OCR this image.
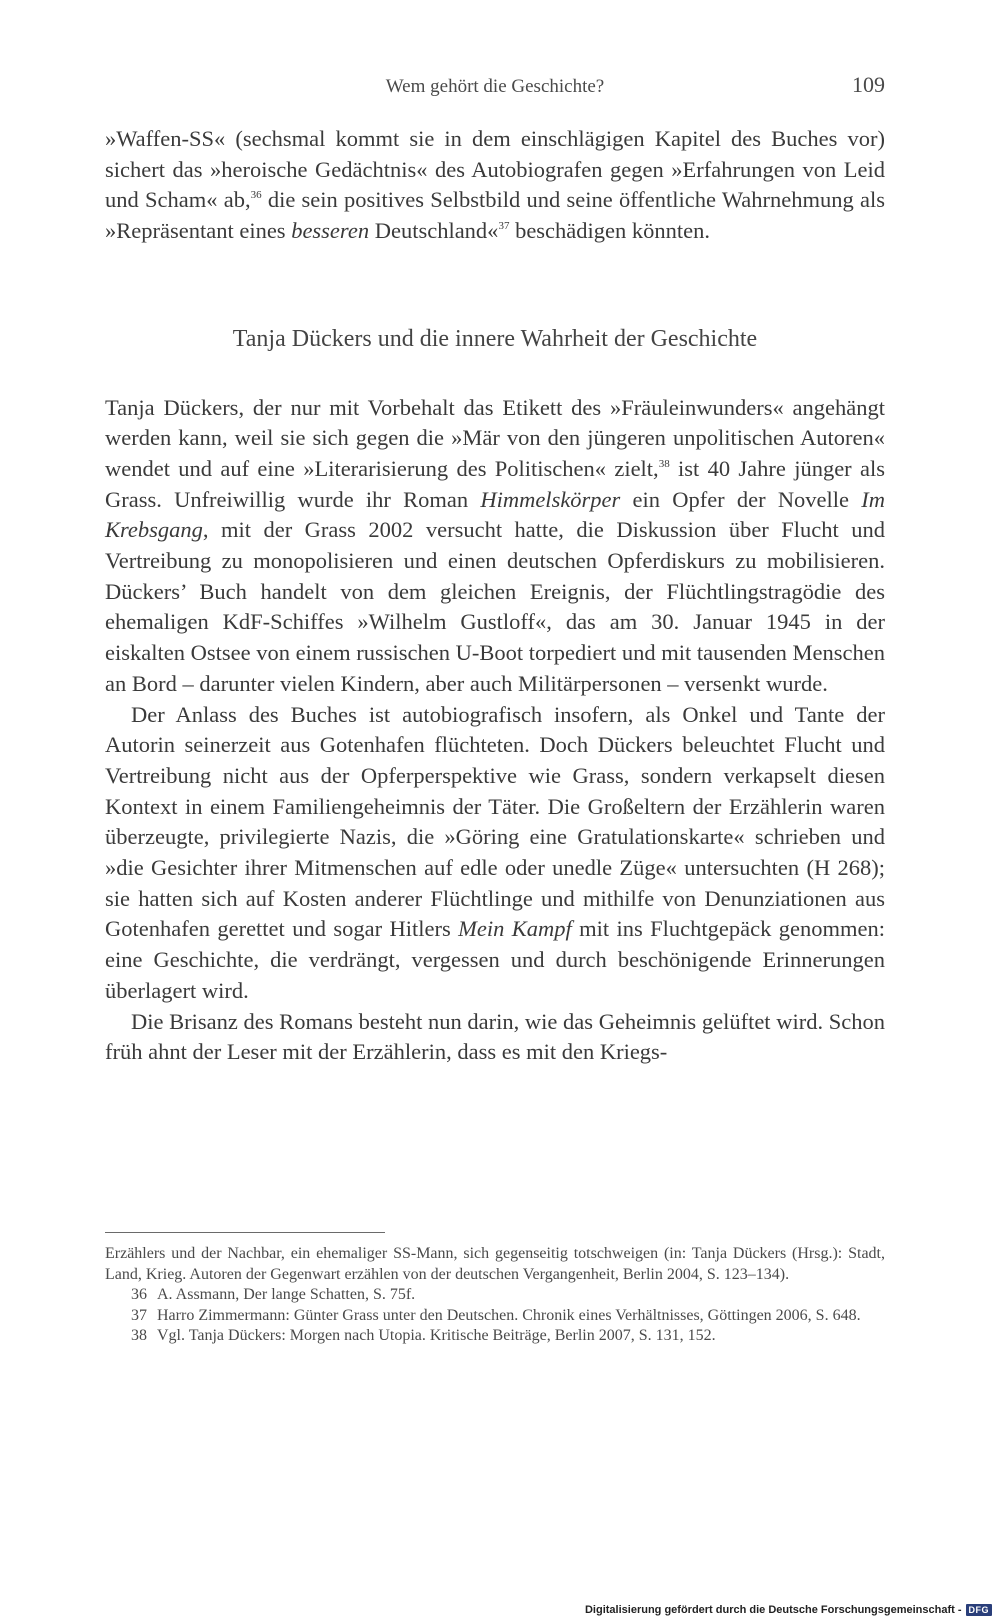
Wem gehört die Geschichte?	109

»Waffen-SS« (sechsmal kommt sie in dem einschlägigen Kapitel des Buches vor) sichert das »heroische Gedächtnis« des Autobiografen gegen »Erfahrungen von Leid und Scham« ab,$^{36}$ die sein positives Selbstbild und seine öffentliche Wahrnehmung als »Repräsentant eines besseren Deutschland«$^{37}$ beschädigen könnten.

Tanja Dückers und die innere Wahrheit der Geschichte

Tanja Dückers, der nur mit Vorbehalt das Etikett des »Fräuleinwunders« angehängt werden kann, weil sie sich gegen die »Mär von den jüngeren unpolitischen Autoren« wendet und auf eine »Literarisierung des Politischen« zielt,$^{38}$ ist 40 Jahre jünger als Grass. Unfreiwillig wurde ihr Roman Himmelskörper ein Opfer der Novelle Im Krebsgang, mit der Grass 2002 versucht hatte, die Diskussion über Flucht und Vertreibung zu monopolisieren und einen deutschen Opferdiskurs zu mobilisieren. Dückers’ Buch handelt von dem gleichen Ereignis, der Flüchtlingstragödie des ehemaligen KdF-Schiffes »Wilhelm Gustloff«, das am 30. Januar 1945 in der eiskalten Ostsee von einem russischen U-Boot torpediert und mit tausenden Menschen an Bord – darunter vielen Kindern, aber auch Militärpersonen – versenkt wurde.

Der Anlass des Buches ist autobiografisch insofern, als Onkel und Tante der Autorin seinerzeit aus Gotenhafen flüchteten. Doch Dückers beleuchtet Flucht und Vertreibung nicht aus der Opferperspektive wie Grass, sondern verkapselt diesen Kontext in einem Familiengeheimnis der Täter. Die Großeltern der Erzählerin waren überzeugte, privilegierte Nazis, die »Göring eine Gratulationskarte« schrieben und »die Gesichter ihrer Mitmenschen auf edle oder unedle Züge« untersuchten (H 268); sie hatten sich auf Kosten anderer Flüchtlinge und mithilfe von Denunziationen aus Gotenhafen gerettet und sogar Hitlers Mein Kampf mit ins Fluchtgepäck genommen: eine Geschichte, die verdrängt, vergessen und durch beschönigende Erinnerungen überlagert wird.

Die Brisanz des Romans besteht nun darin, wie das Geheimnis gelüftet wird. Schon früh ahnt der Leser mit der Erzählerin, dass es mit den Kriegs-

Erzählers und der Nachbar, ein ehemaliger SS-Mann, sich gegenseitig totschweigen (in: Tanja Dückers (Hrsg.): Stadt, Land, Krieg. Autoren der Gegenwart erzählen von der deutschen Vergangenheit, Berlin 2004, S. 123–134).

36 A. Assmann, Der lange Schatten, S. 75f.

37 Harro Zimmermann: Günter Grass unter den Deutschen. Chronik eines Verhältnisses, Göttingen 2006, S. 648.

38 Vgl. Tanja Dückers: Morgen nach Utopia. Kritische Beiträge, Berlin 2007, S. 131, 152.

Digitalisierung gefördert durch die Deutsche Forschungsgemeinschaft - DFG
